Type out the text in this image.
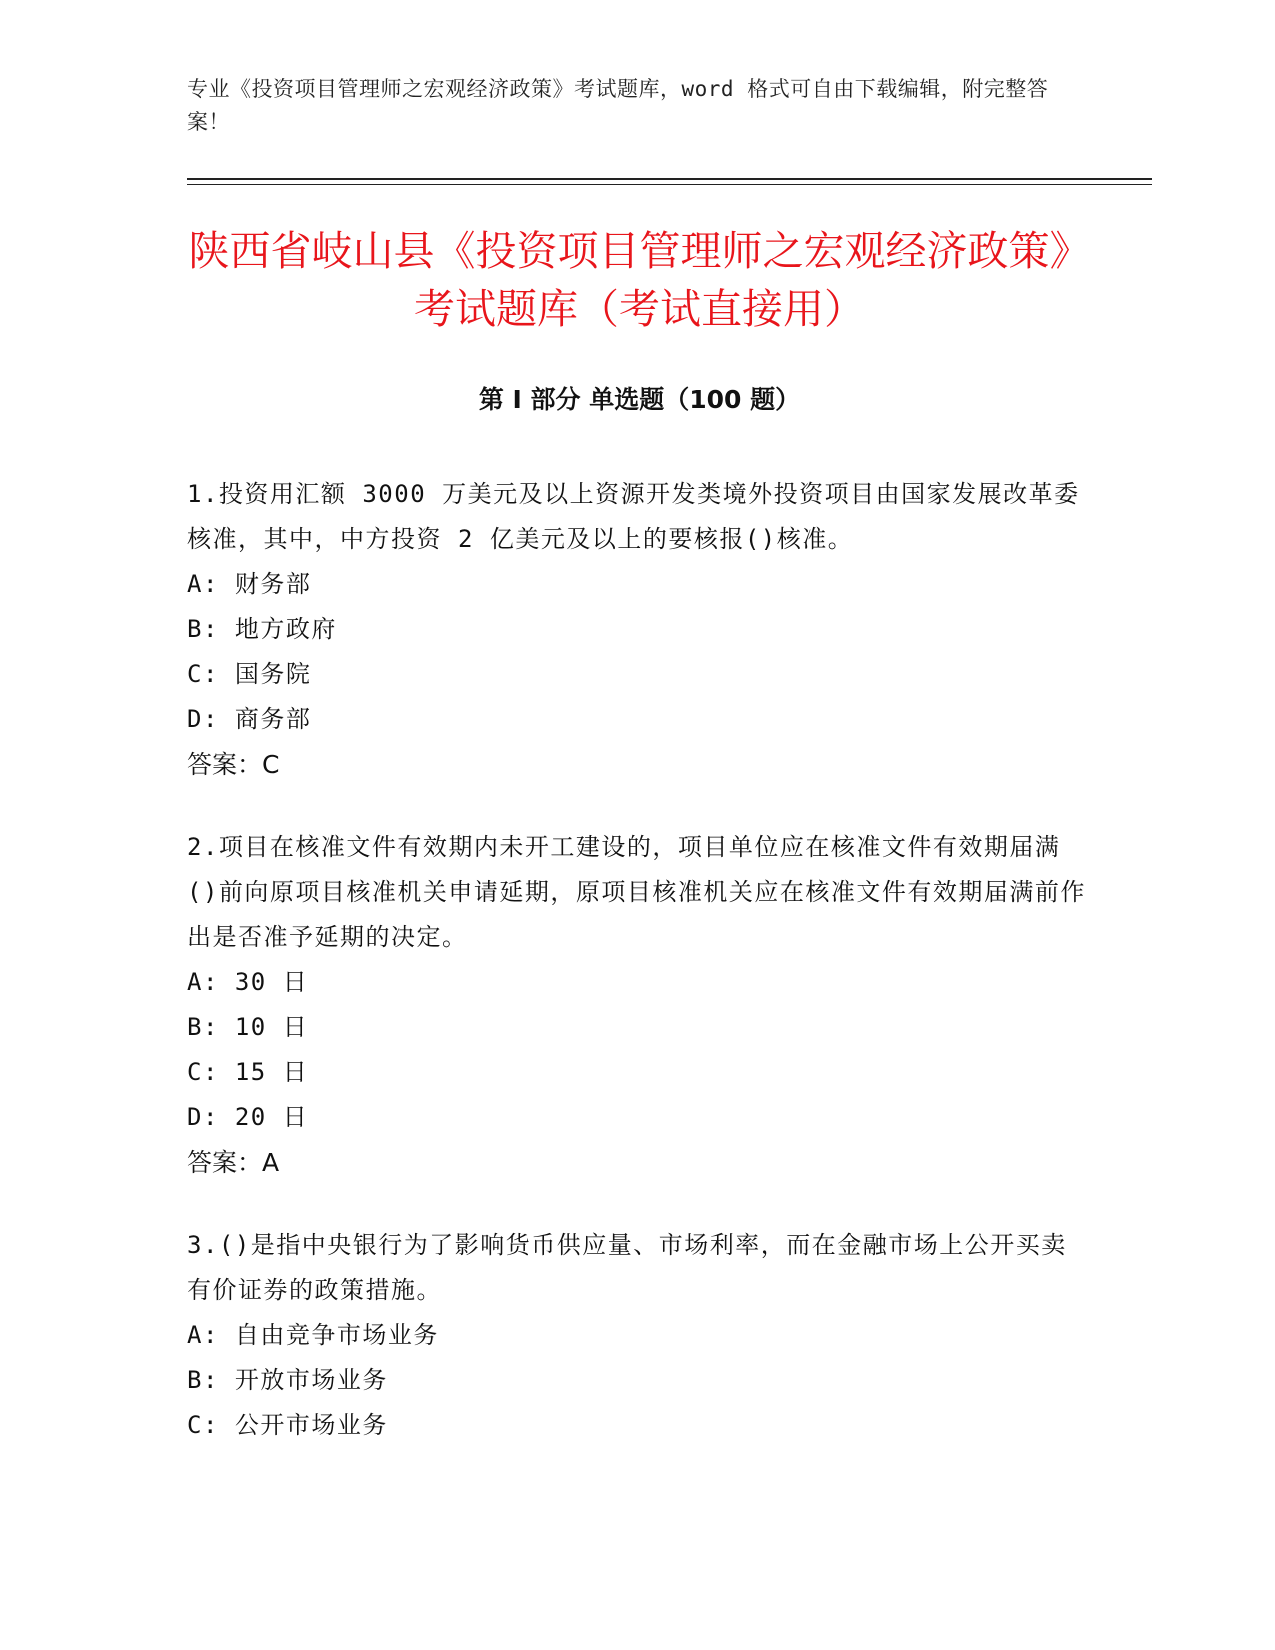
专业《投资项目管理师之宏观经济政策》考试题库，word 格式可自由下载编辑，附完整答案！
陕西省岐山县《投资项目管理师之宏观经济政策》考试题库（考试直接用）
第 I 部分 单选题（100 题）

1.投资用汇额 3000 万美元及以上资源开发类境外投资项目由国家发展改革委核准，其中，中方投资 2 亿美元及以上的要核报()核准。

A: 财务部

B: 地方政府

C: 国务院

D: 商务部

答案：C

2.项目在核准文件有效期内未开工建设的，项目单位应在核准文件有效期届满()前向原项目核准机关申请延期，原项目核准机关应在核准文件有效期届满前作出是否准予延期的决定。

A: 30 日

B: 10 日

C: 15 日

D: 20 日

答案：A

3.()是指中央银行为了影响货币供应量、市场利率，而在金融市场上公开买卖有价证券的政策措施。

A: 自由竞争市场业务

B: 开放市场业务

C: 公开市场业务
